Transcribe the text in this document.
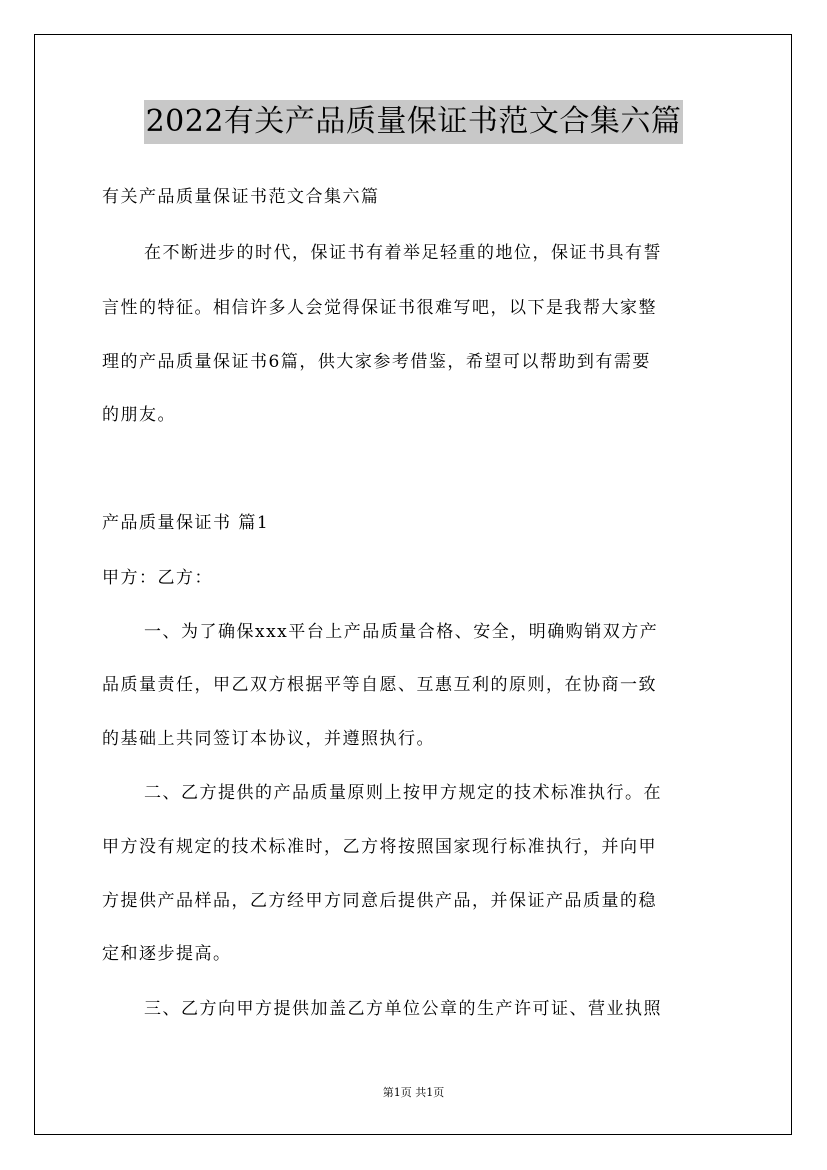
2022有关产品质量保证书范文合集六篇
有关产品质量保证书范文合集六篇
在不断进步的时代，保证书有着举足轻重的地位，保证书具有誓
言性的特征。相信许多人会觉得保证书很难写吧，以下是我帮大家整
理的产品质量保证书6篇，供大家参考借鉴，希望可以帮助到有需要
的朋友。
产品质量保证书 篇1
甲方：乙方：
一、为了确保xxx平台上产品质量合格、安全，明确购销双方产
品质量责任，甲乙双方根据平等自愿、互惠互利的原则，在协商一致
的基础上共同签订本协议，并遵照执行。
二、乙方提供的产品质量原则上按甲方规定的技术标准执行。在
甲方没有规定的技术标准时，乙方将按照国家现行标准执行，并向甲
方提供产品样品，乙方经甲方同意后提供产品，并保证产品质量的稳
定和逐步提高。
三、乙方向甲方提供加盖乙方单位公章的生产许可证、营业执照
第1页 共1页
